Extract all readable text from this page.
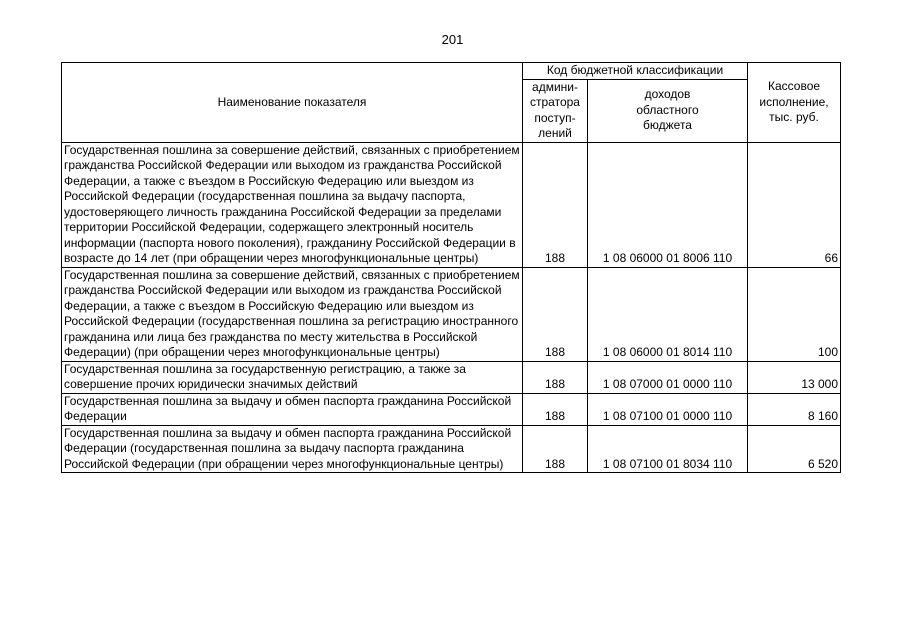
201
Наименование показателя	Код бюджетной классификации		Кассовое
исполнение,
тыс. руб.

	админи-
стратора
поступ-
лений	доходов
областного
бюджета	

Государственная пошлина за совершение действий, связанных с приобретением гражданства Российской Федерации или выходом из гражданства Российской Федерации, а также с въездом в Российскую Федерацию или выездом из Российской Федерации (государственная пошлина за выдачу паспорта, удостоверяющего личность гражданина Российской Федерации за пределами территории Российской Федерации, содержащего электронный носитель информации (паспорта нового поколения), гражданину Российской Федерации в возрасте до 14 лет (при обращении через многофункциональные центры)	188	1 08 06000 01 8006 110	66
Государственная пошлина за совершение действий, связанных с приобретением гражданства Российской Федерации или выходом из гражданства Российской Федерации, а также с въездом в Российскую Федерацию или выездом из Российской Федерации (государственная пошлина за регистрацию иностранного гражданина или лица без гражданства по месту жительства в Российской Федерации) (при обращении через многофункциональные центры)	188	1 08 06000 01 8014 110	100
Государственная пошлина за государственную регистрацию, а также за совершение прочих юридически значимых действий	188	1 08 07000 01 0000 110	13 000
Государственная пошлина за выдачу и обмен паспорта гражданина Российской Федерации	188	1 08 07100 01 0000 110	8 160
Государственная пошлина за выдачу и обмен паспорта гражданина Российской Федерации (государственная пошлина за выдачу паспорта гражданина Российской Федерации (при обращении через многофункциональные центры)	188	1 08 07100 01 8034 110	6 520
